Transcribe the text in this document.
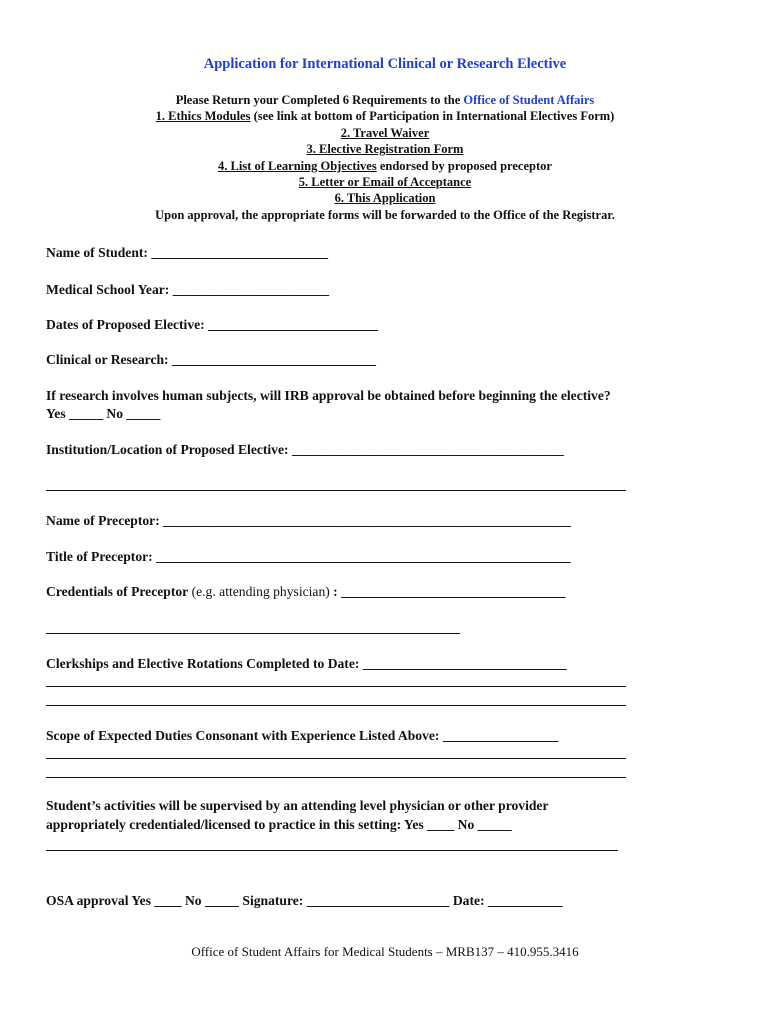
Application for International Clinical or Research Elective
Please Return your Completed 6 Requirements to the Office of Student Affairs
1. Ethics Modules (see link at bottom of Participation in International Electives Form)
2. Travel Waiver
3. Elective Registration Form
4. List of Learning Objectives endorsed by proposed preceptor
5. Letter or Email of Acceptance
6. This Application
Upon approval, the appropriate forms will be forwarded to the Office of the Registrar.
Name of Student: __________________________
Medical School Year: _______________________
Dates of Proposed Elective: _________________________
Clinical or Research: ______________________________
If research involves human subjects, will IRB approval be obtained before beginning the elective?
Yes _____ No _____
Institution/Location of Proposed Elective: ________________________________________
Name of Preceptor: ____________________________________________________________
Title of Preceptor: _____________________________________________________________
Credentials of Preceptor (e.g. attending physician) : _________________________________
Clerkships and Elective Rotations Completed to Date: ______________________________
Scope of Expected Duties Consonant with Experience Listed Above: _________________
Student’s activities will be supervised by an attending level physician or other provider
appropriately credentialed/licensed to practice in this setting: Yes ____ No _____
OSA approval Yes ____ No _____ Signature: _____________________ Date: ___________
Office of Student Affairs for Medical Students – MRB137 – 410.955.3416
